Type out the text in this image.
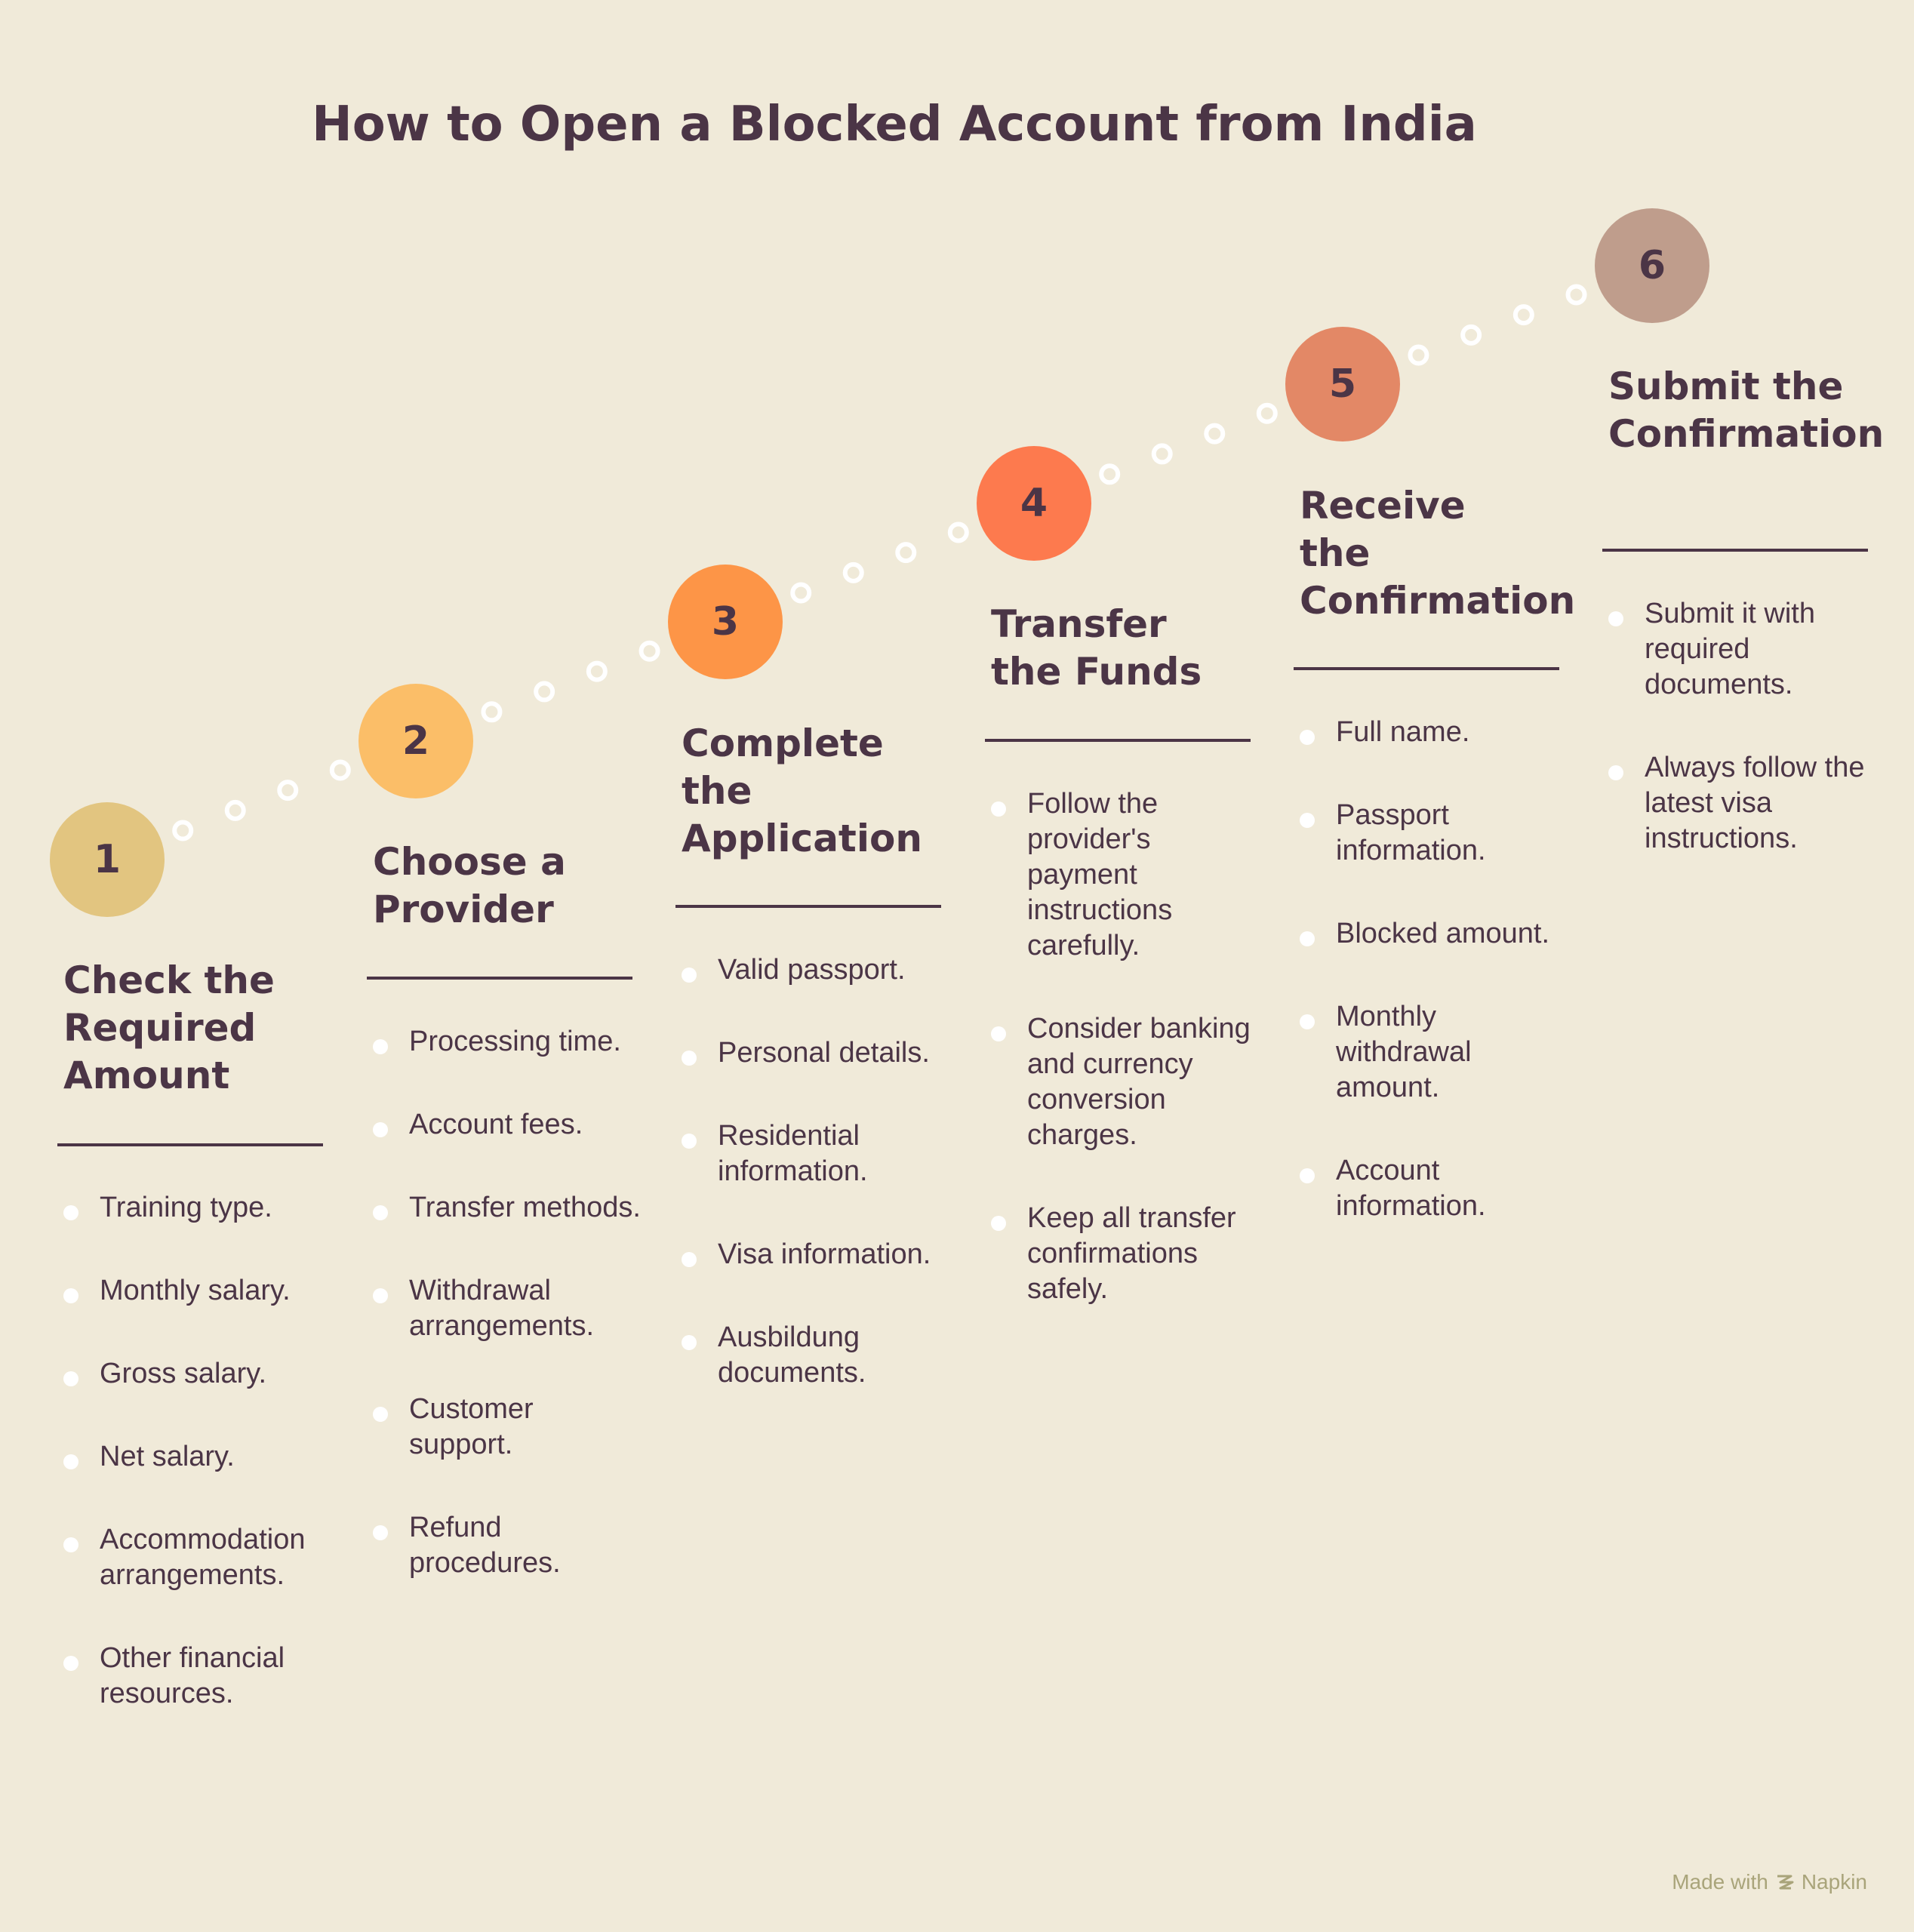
How to Open a Blocked Account from India
1
Check the Required Amount
Training type.
Monthly salary.
Gross salary.
Net salary.
Accommodation arrangements.
Other financial resources.
2
Choose a Provider
Processing time.
Account fees.
Transfer methods.
Withdrawal arrangements.
Customer support.
Refund procedures.
3
Complete the Application
Valid passport.
Personal details.
Residential information.
Visa information.
Ausbildung documents.
4
Transfer the Funds
Follow the provider's payment instructions carefully.
Consider banking and currency conversion charges.
Keep all transfer confirmations safely.
5
Receive the Confirmation
Full name.
Passport information.
Blocked amount.
Monthly withdrawal amount.
Account information.
6
Submit the Confirmation
Submit it with required documents.
Always follow the latest visa instructions.
Made with Napkin
